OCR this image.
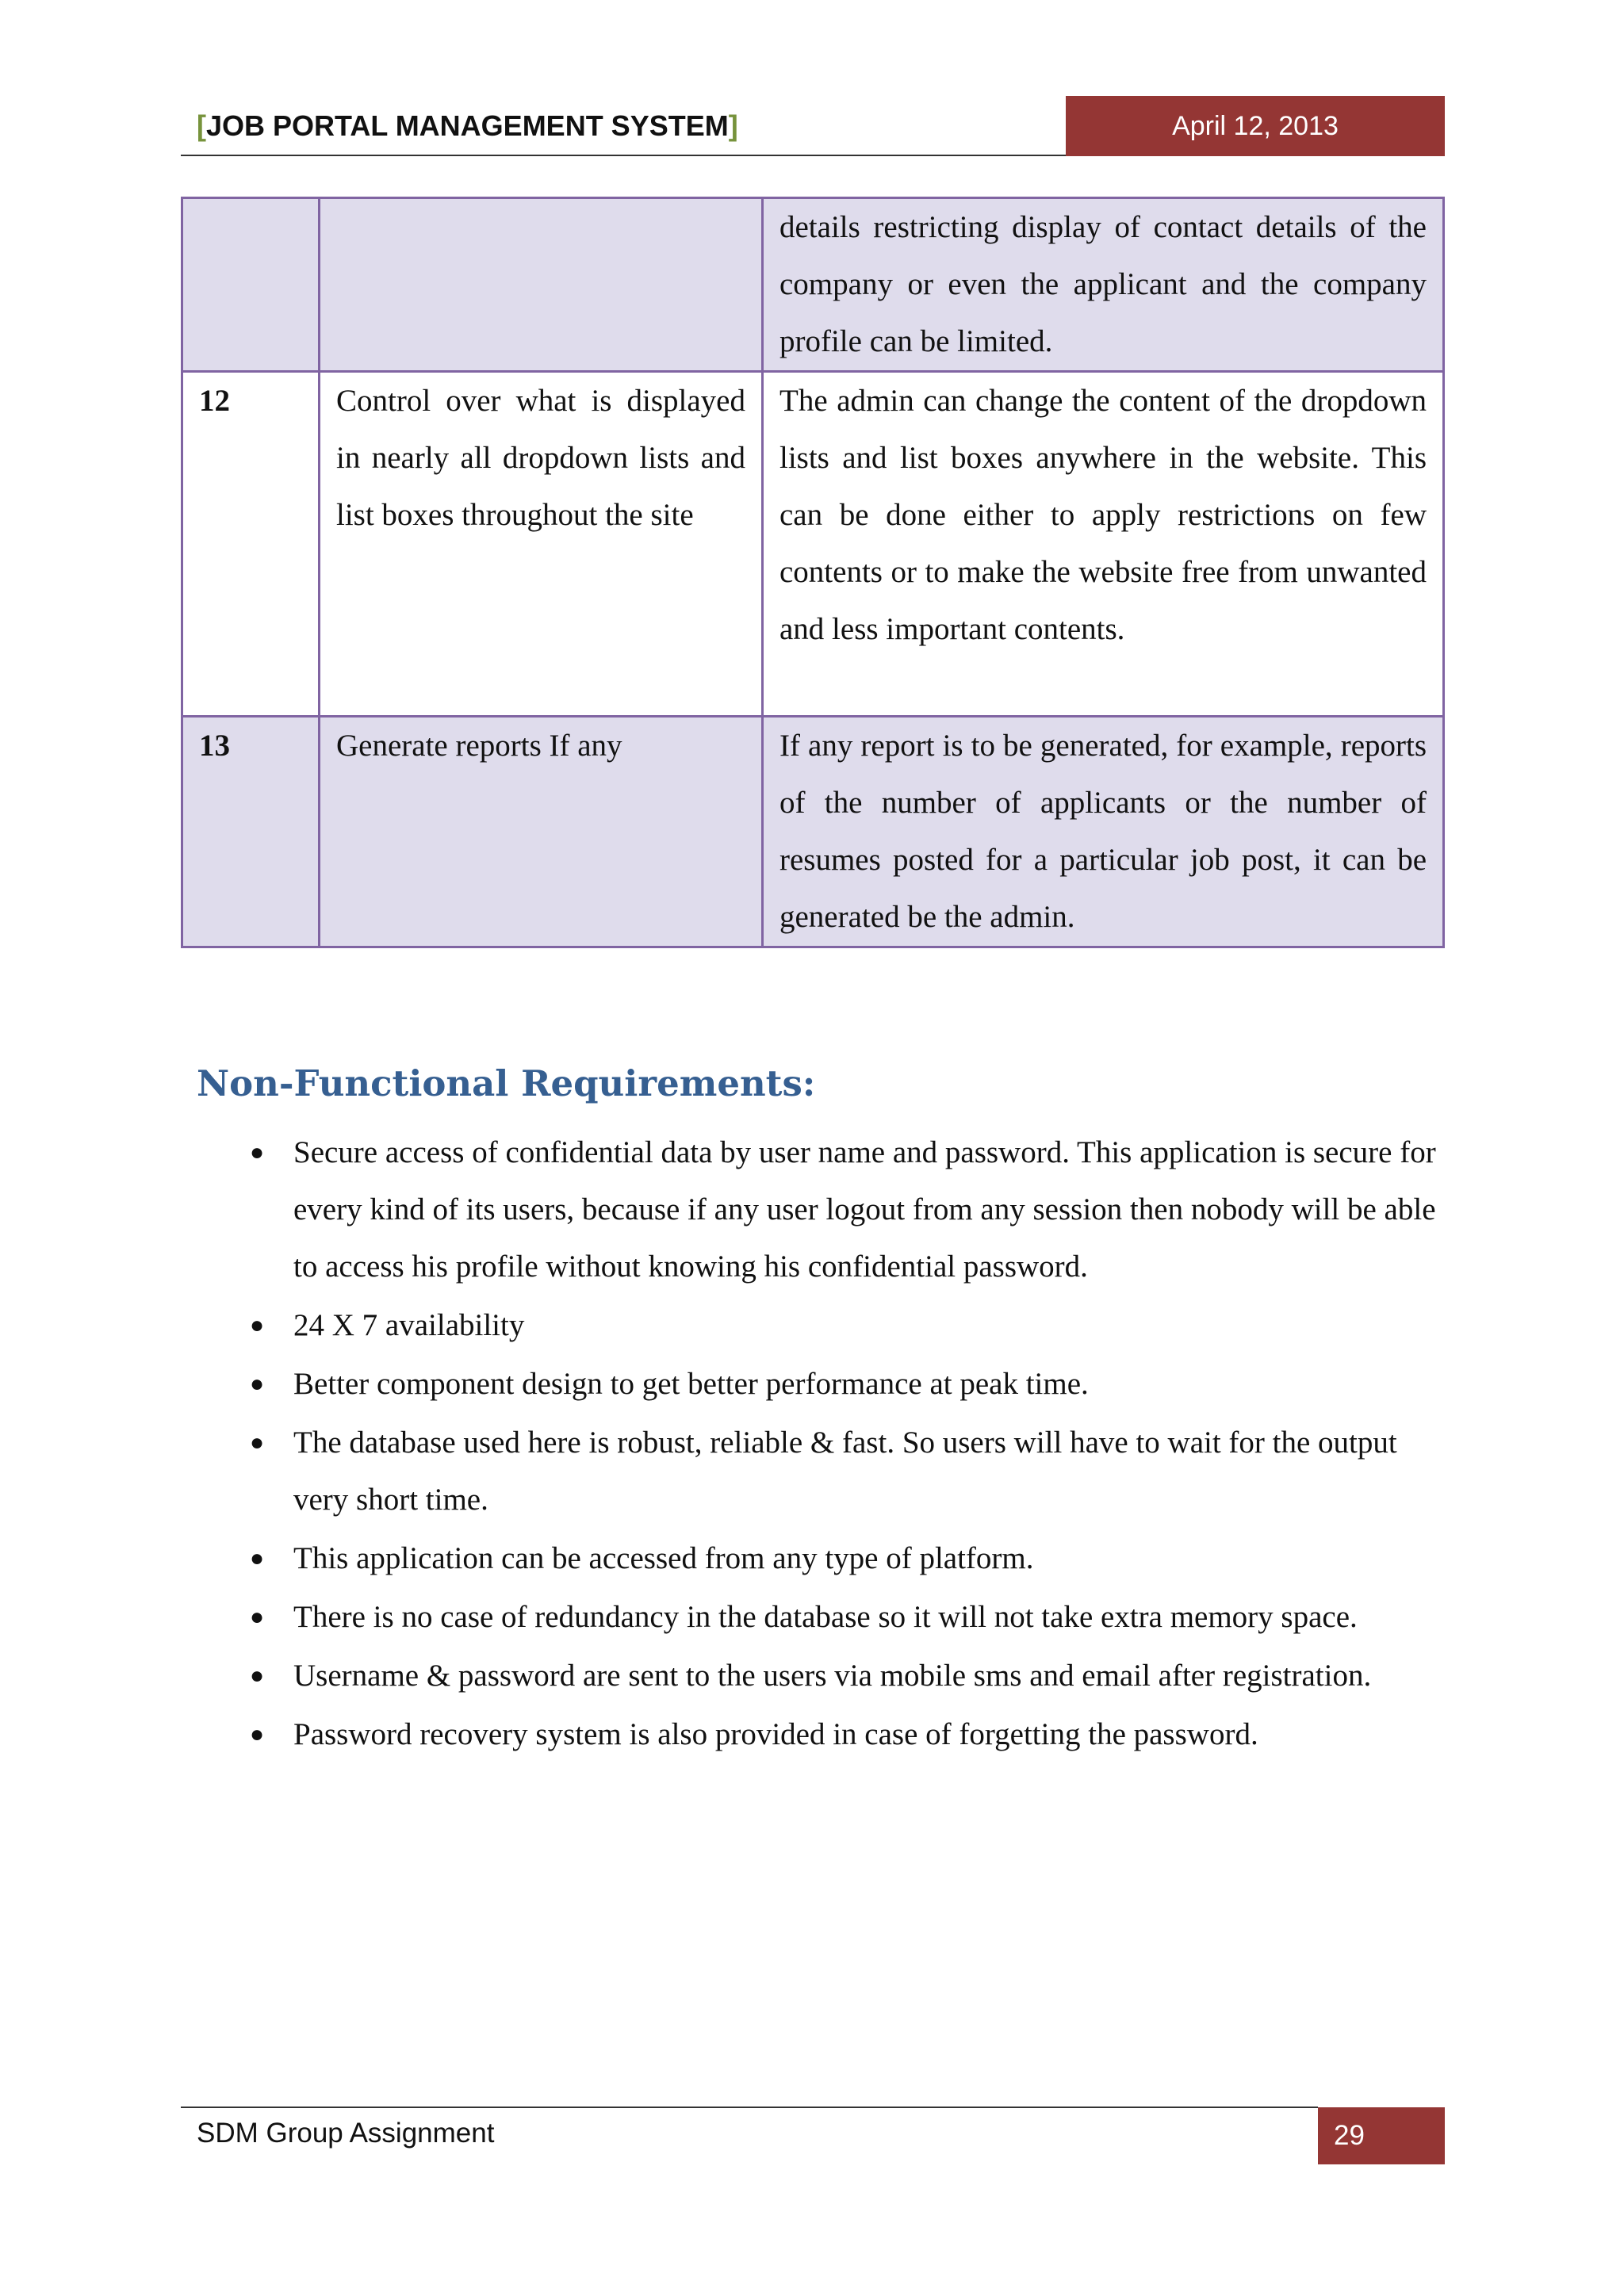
[JOB PORTAL MANAGEMENT SYSTEM]	April 12, 2013
		details restricting display of contact details of the company or even the applicant and the company profile can be limited.
12	Control over what is displayed in nearly all dropdown lists and list boxes throughout the site	The admin can change the content of the dropdown lists and list boxes anywhere in the website. This can be done either to apply restrictions on few contents or to make the website free from unwanted and less important contents.
13	Generate reports If any	If any report is to be generated, for example, reports of the number of applicants or the number of resumes posted for a particular job post, it can be generated be the admin.
Non-Functional Requirements:
● Secure access of confidential data by user name and password. This application is secure for every kind of its users, because if any user logout from any session then nobody will be able to access his profile without knowing his confidential password.
● 24 X 7 availability
● Better component design to get better performance at peak time.
● The database used here is robust, reliable & fast. So users will have to wait for the output very short time.
● This application can be accessed from any type of platform.
● There is no case of redundancy in the database so it will not take extra memory space.
● Username & password are sent to the users via mobile sms and email after registration.
● Password recovery system is also provided in case of forgetting the password.
SDM Group Assignment	29
